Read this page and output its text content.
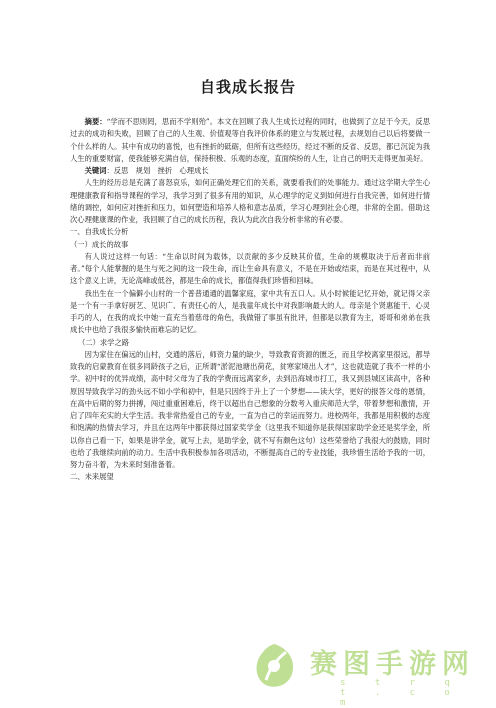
自我成长报告

摘要：“学而不思则罔，思而不学则殆”。本文在回顾了我人生成长过程的同时，也做到了立足于今天，反思过去的成功和失败，回顾了自己的人生观、价值观等自我评价体系的建立与发展过程，去规划自己以后将要做一个什么样的人。其中有成功的喜悦，也有挫折的砥砺，但所有这些经历，经过不断的反省、反思，都已沉淀为我人生的重要财富，使我能够充满自信，保持积极、乐观的态度，直面缤纷的人生，让自己的明天走得更加美好。

关键词：反思　规划　挫折　心理成长

人生的经历总是充满了喜怒哀乐，如何正确处理它们的关系，就要看我们的处事能力。通过这学期大学生心理健康教育和指导课程的学习，我学习到了很多有用的知识，从心理学的定义到如何进行自我完善，如何进行情绪的调控，如何应对挫折和压力，如何塑造和培养人格和意志品质，学习心理到社会心理，非常的全面。借助这次心理健康课的作业，我回顾了自己的成长历程，我认为此次自我分析非常的有必要。

一、自我成长分析

（一）成长的故事

有人说过这样一句话：“生命以时间为载体，以贡献的多少反映其价值，生命的规模取决于后者而非前者。”每个人能掌握的是生与死之间的这一段生命，而让生命具有意义，不是在开始或结束，而是在其过程中，从这个意义上讲，无论高峰或低谷，都是生命的成长，都值得我们珍惜和回味。

我出生在一个偏僻小山村的一个普普通通的温馨家庭，家中共有五口人。从小时候能记忆开始，就记得父亲是一个有一手拿好厨艺、见识广、有责任心的人，是我童年成长中对我影响最大的人。母亲是个贤惠能干、心灵手巧的人，在我的成长中她一直充当着慈母的角色，我做错了事虽有批评，但都是以教育为主，哥哥和弟弟在我成长中也给了我很多愉快而难忘的记忆。

（二）求学之路

因为家住在偏远的山村，交通的落后，师资力量的缺少，导致教育资源的匮乏，而且学校离家里很远，都导致我的启蒙教育在很多同龄孩子之后，正所谓“淤泥池塘出荷花，贫寒家境出人才”，这也就造就了我不一样的小学。初中时的优异成绩，高中时父母为了我的学费而远离家乡，去到沿海城市打工，我又到县城区读高中，各种原因导致我学习的劲头远不如小学和初中，但是只因终于升上了一个梦想——读大学，更好的报答父母的恩情，在高中后期的努力拼搏，闯过重重困难后，终于以超出自己想象的分数考入重庆师范大学，带着梦想和激情，开启了四年充实的大学生活。我非常热爱自己的专业，一直为自己的幸运而努力。进校两年，我都是用积极的态度和饱满的热情去学习，并且在这两年中都获得过国家奖学金（这里我不知道你是获得国家助学金还是奖学金，所以你自己看一下，如果是讲学金，就写上去，是助学金，就不写有颇色这句）这些荣誉给了我很大的鼓励，同时也给了我继续向前的动力。生活中我积极参加各项活动，不断提高自己的专业技能，我珍惜生活给予我的一切，努力奋斗着，为未来时刻准备着。

二、未来展望

赛图手游网
s t r q t . c o m
